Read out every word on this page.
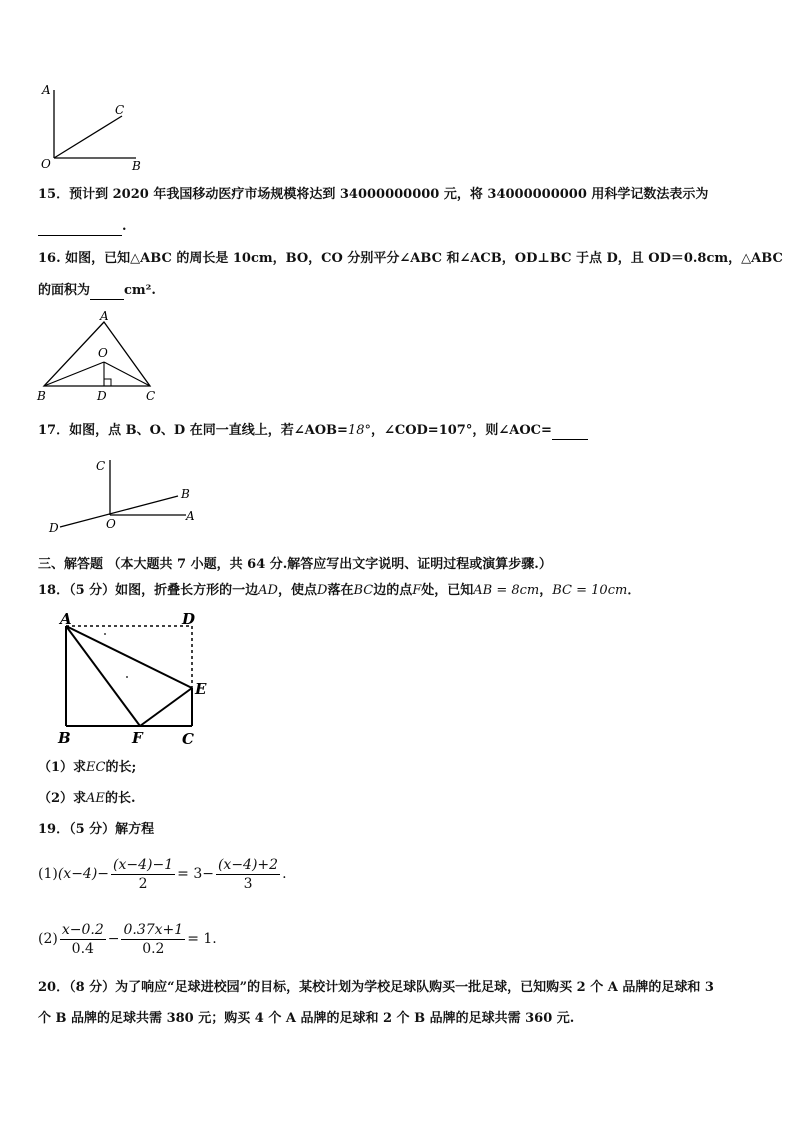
A
C
O	B
15．预计到 2020 年我国移动医疗市场规模将达到 34000000000 元，将 34000000000 用科学记数法表示为
.
16. 如图，已知△ABC 的周长是 10cm，BO，CO 分别平分∠ABC 和∠ACB，OD⊥BC 于点 D，且 OD＝0.8cm，△ABC
的面积为	cm².
A
O
B	D	C
17．如图，点 B、O、D 在同一直线上，若∠AOB=18°，∠COD=107°，则∠AOC=
C
B
D	O
A
三、解答题 （本大题共 7 小题，共 64 分.解答应写出文字说明、证明过程或演算步骤.）
18．（5 分）如图，折叠长方形的一边AD，使点D落在BC边的点F处，已知AB = 8cm，BC = 10cm．
A	D
E
B	F	C
（1）求EC的长;
（2）求AE的长.
19．（5 分）解方程
(1) $(x-4)- \frac{(x-4)-1}{2} = 3- \frac{(x-4)+2}{3}$ .
$(2) \frac{x-0.2}{0.4} - \frac{0.37x+1}{0.2} = 1$.
20．（8 分）为了响应“足球进校园”的目标，某校计划为学校足球队购买一批足球，已知购买 2 个 A 品牌的足球和 3
个 B 品牌的足球共需 380 元；购买 4 个 A 品牌的足球和 2 个 B 品牌的足球共需 360 元.
